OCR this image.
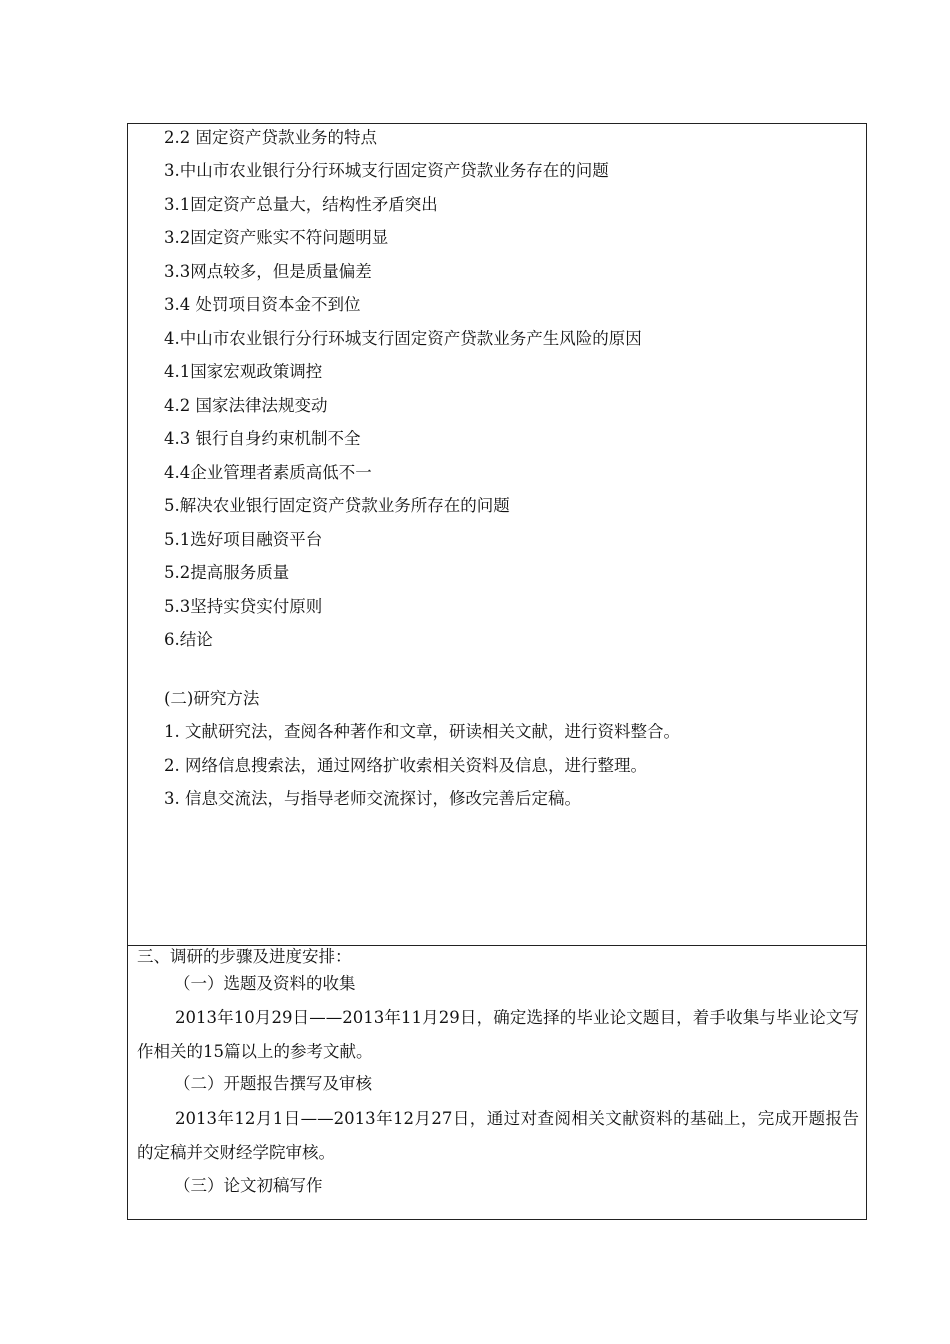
2.2 固定资产贷款业务的特点
3.中山市农业银行分行环城支行固定资产贷款业务存在的问题
3.1固定资产总量大，结构性矛盾突出
3.2固定资产账实不符问题明显
3.3网点较多，但是质量偏差
3.4 处罚项目资本金不到位
4.中山市农业银行分行环城支行固定资产贷款业务产生风险的原因
4.1国家宏观政策调控
4.2 国家法律法规变动
4.3 银行自身约束机制不全
4.4企业管理者素质高低不一
5.解决农业银行固定资产贷款业务所存在的问题
5.1选好项目融资平台
5.2提高服务质量
5.3坚持实贷实付原则
6.结论
(二)研究方法
1. 文献研究法，查阅各种著作和文章，研读相关文献，进行资料整合。
2. 网络信息搜索法，通过网络扩收索相关资料及信息，进行整理。
3. 信息交流法，与指导老师交流探讨，修改完善后定稿。
三、调研的步骤及进度安排：
（一）选题及资料的收集
2013年10月29日——2013年11月29日，确定选择的毕业论文题目，着手收集与毕业论文写作相关的15篇以上的参考文献。
（二）开题报告撰写及审核
2013年12月1日——2013年12月27日，通过对查阅相关文献资料的基础上，完成开题报告的定稿并交财经学院审核。
（三）论文初稿写作
